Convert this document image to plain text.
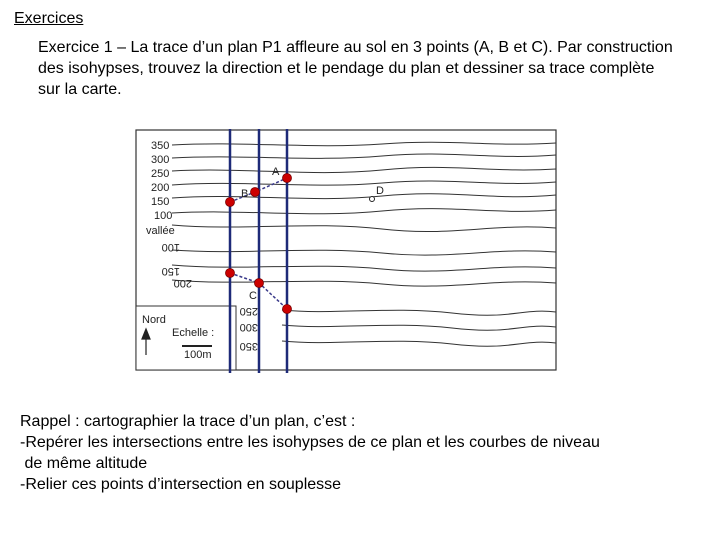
Exercices
Exercice 1 – La trace d’un plan P1 affleure au sol en 3 points (A, B et C). Par construction des isohypses, trouvez la direction et le pendage du plan et dessiner sa trace complète sur la carte.
350
300
250
200
150
100
vallée
100
150
200
250
300
350
Nord
Echelle :
100m
A
B
C
D
Rappel : cartographier la trace d’un plan, c’est :
-Repérer les intersections entre les isohypses de ce plan et les courbes de niveau
de même altitude
-Relier ces points d’intersection en souplesse
